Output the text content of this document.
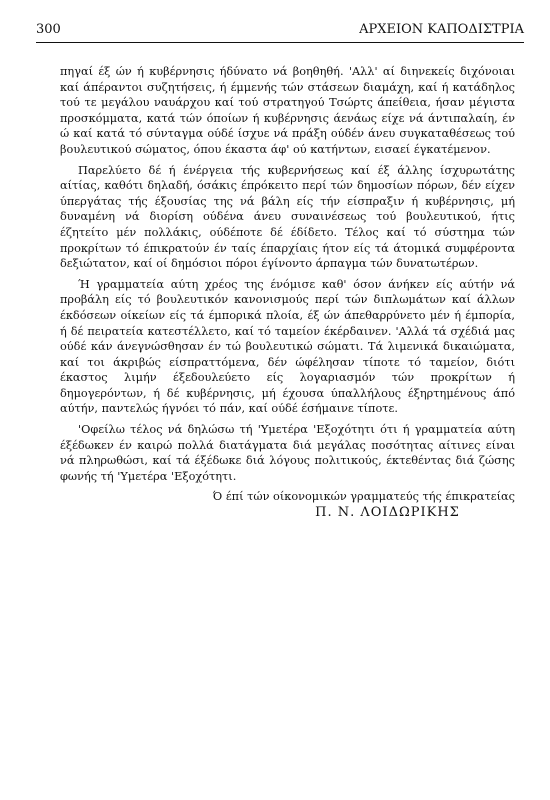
300	ΑΡΧΕΙΟΝ ΚΑΠΟΔΙΣΤΡΙΑ

πηγαί έξ ών ή κυβέρνησις ήδύνατο νά βοηθηθή. 'Αλλ' αί διηνεκείς διχόνοιαι καί άπέραντοι συζητήσεις, ή έμμενής τών στάσεων διαμάχη, καί ή κατάδηλος τού τε μεγάλου ναυάρχου καί τού στρατηγού Τσώρτς άπείθεια, ήσαν μέγιστα προσκόμματα, κατά τών όποίων ή κυβέρνησις άενάως είχε νά άντιπαλαίη, έν ώ καί κατά τό σύνταγμα ούδέ ίσχυε νά πράξη ούδέν άνευ συγκαταθέσεως τού βουλευτικού σώματος, όπου έκαστα άφ' ού κατήντων, εισαεί έγκατέμενον.

Παρελύετο δέ ή ένέργεια τής κυβερνήσεως καί έξ άλλης ίσχυρωτάτης αίτίας, καθότι δηλαδή, όσάκις έπρόκειτο περί τών δημοσίων πόρων, δέν είχεν ύπεργάτας τής έξουσίας της νά βάλη είς τήν είσπραξιν ή κυβέρνησις, μή δυναμένη νά διορίση ούδένα άνευ συναινέσεως τού βουλευτικού, ήτις έζητείτο μέν πολλάκις, ούδέποτε δέ έδίδετο. Τέλος καί τό σύστημα τών προκρίτων τό έπικρατούν έν ταίς έπαρχίαις ήτον είς τά άτομικά συμφέροντα δεξιώτατον, καί οί δημόσιοι πόροι έγίνοντο άρπαγμα τών δυνατωτέρων.

Ή γραμματεία αύτη χρέος της ένόμισε καθ' όσον άνήκεν είς αύτήν νά προβάλη είς τό βουλευτικόν κανονισμούς περί τών διπλωμάτων καί άλλων έκδόσεων οίκείων είς τά έμπορικά πλοία, έξ ών άπεθαρρύνετο μέν ή έμπορία, ή δέ πειρατεία κατεστέλλετο, καί τό ταμείον έκέρδαινεν. 'Αλλά τά σχέδιά μας ούδέ κάν άνεγνώσθησαν έν τώ βουλευτικώ σώματι. Τά λιμενικά δικαιώματα, καί τοι άκριβώς είσπραττόμενα, δέν ώφέλησαν τίποτε τό ταμείον, διότι έκαστος λιμήν έξεδουλεύετο είς λογαριασμόν τών προκρίτων ή δημογερόντων, ή δέ κυβέρνησις, μή έχουσα ύπαλλήλους έξηρτημένους άπό αύτήν, παντελώς ήγνόει τό πάν, καί ούδέ έσήμαινε τίποτε.

'Οφείλω τέλος νά δηλώσω τή 'Υμετέρα 'Εξοχότητι ότι ή γραμματεία αύτη έξέδωκεν έν καιρώ πολλά διατάγματα διά μεγάλας ποσότητας αίτινες είναι νά πληρωθώσι, καί τά έξέδωκε διά λόγους πολιτικούς, έκτεθέντας διά ζώσης φωνής τή 'Υμετέρα 'Εξοχότητι.

Ό έπί τών οίκονομικών γραμματεύς τής έπικρατείας
Π. Ν. ΛΟΙΔΩΡΙΚΗΣ
